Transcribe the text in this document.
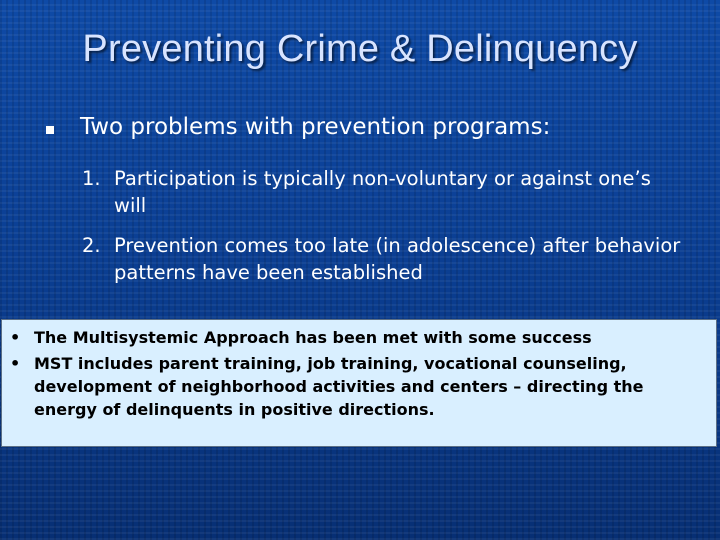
Preventing Crime & Delinquency
Two problems with prevention programs:
1. Participation is typically non-voluntary or against one’s will
2. Prevention comes too late (in adolescence) after behavior patterns have been established
• The Multisystemic Approach has been met with some success
• MST includes parent training, job training, vocational counseling, development of neighborhood activities and centers – directing the energy of delinquents in positive directions.
